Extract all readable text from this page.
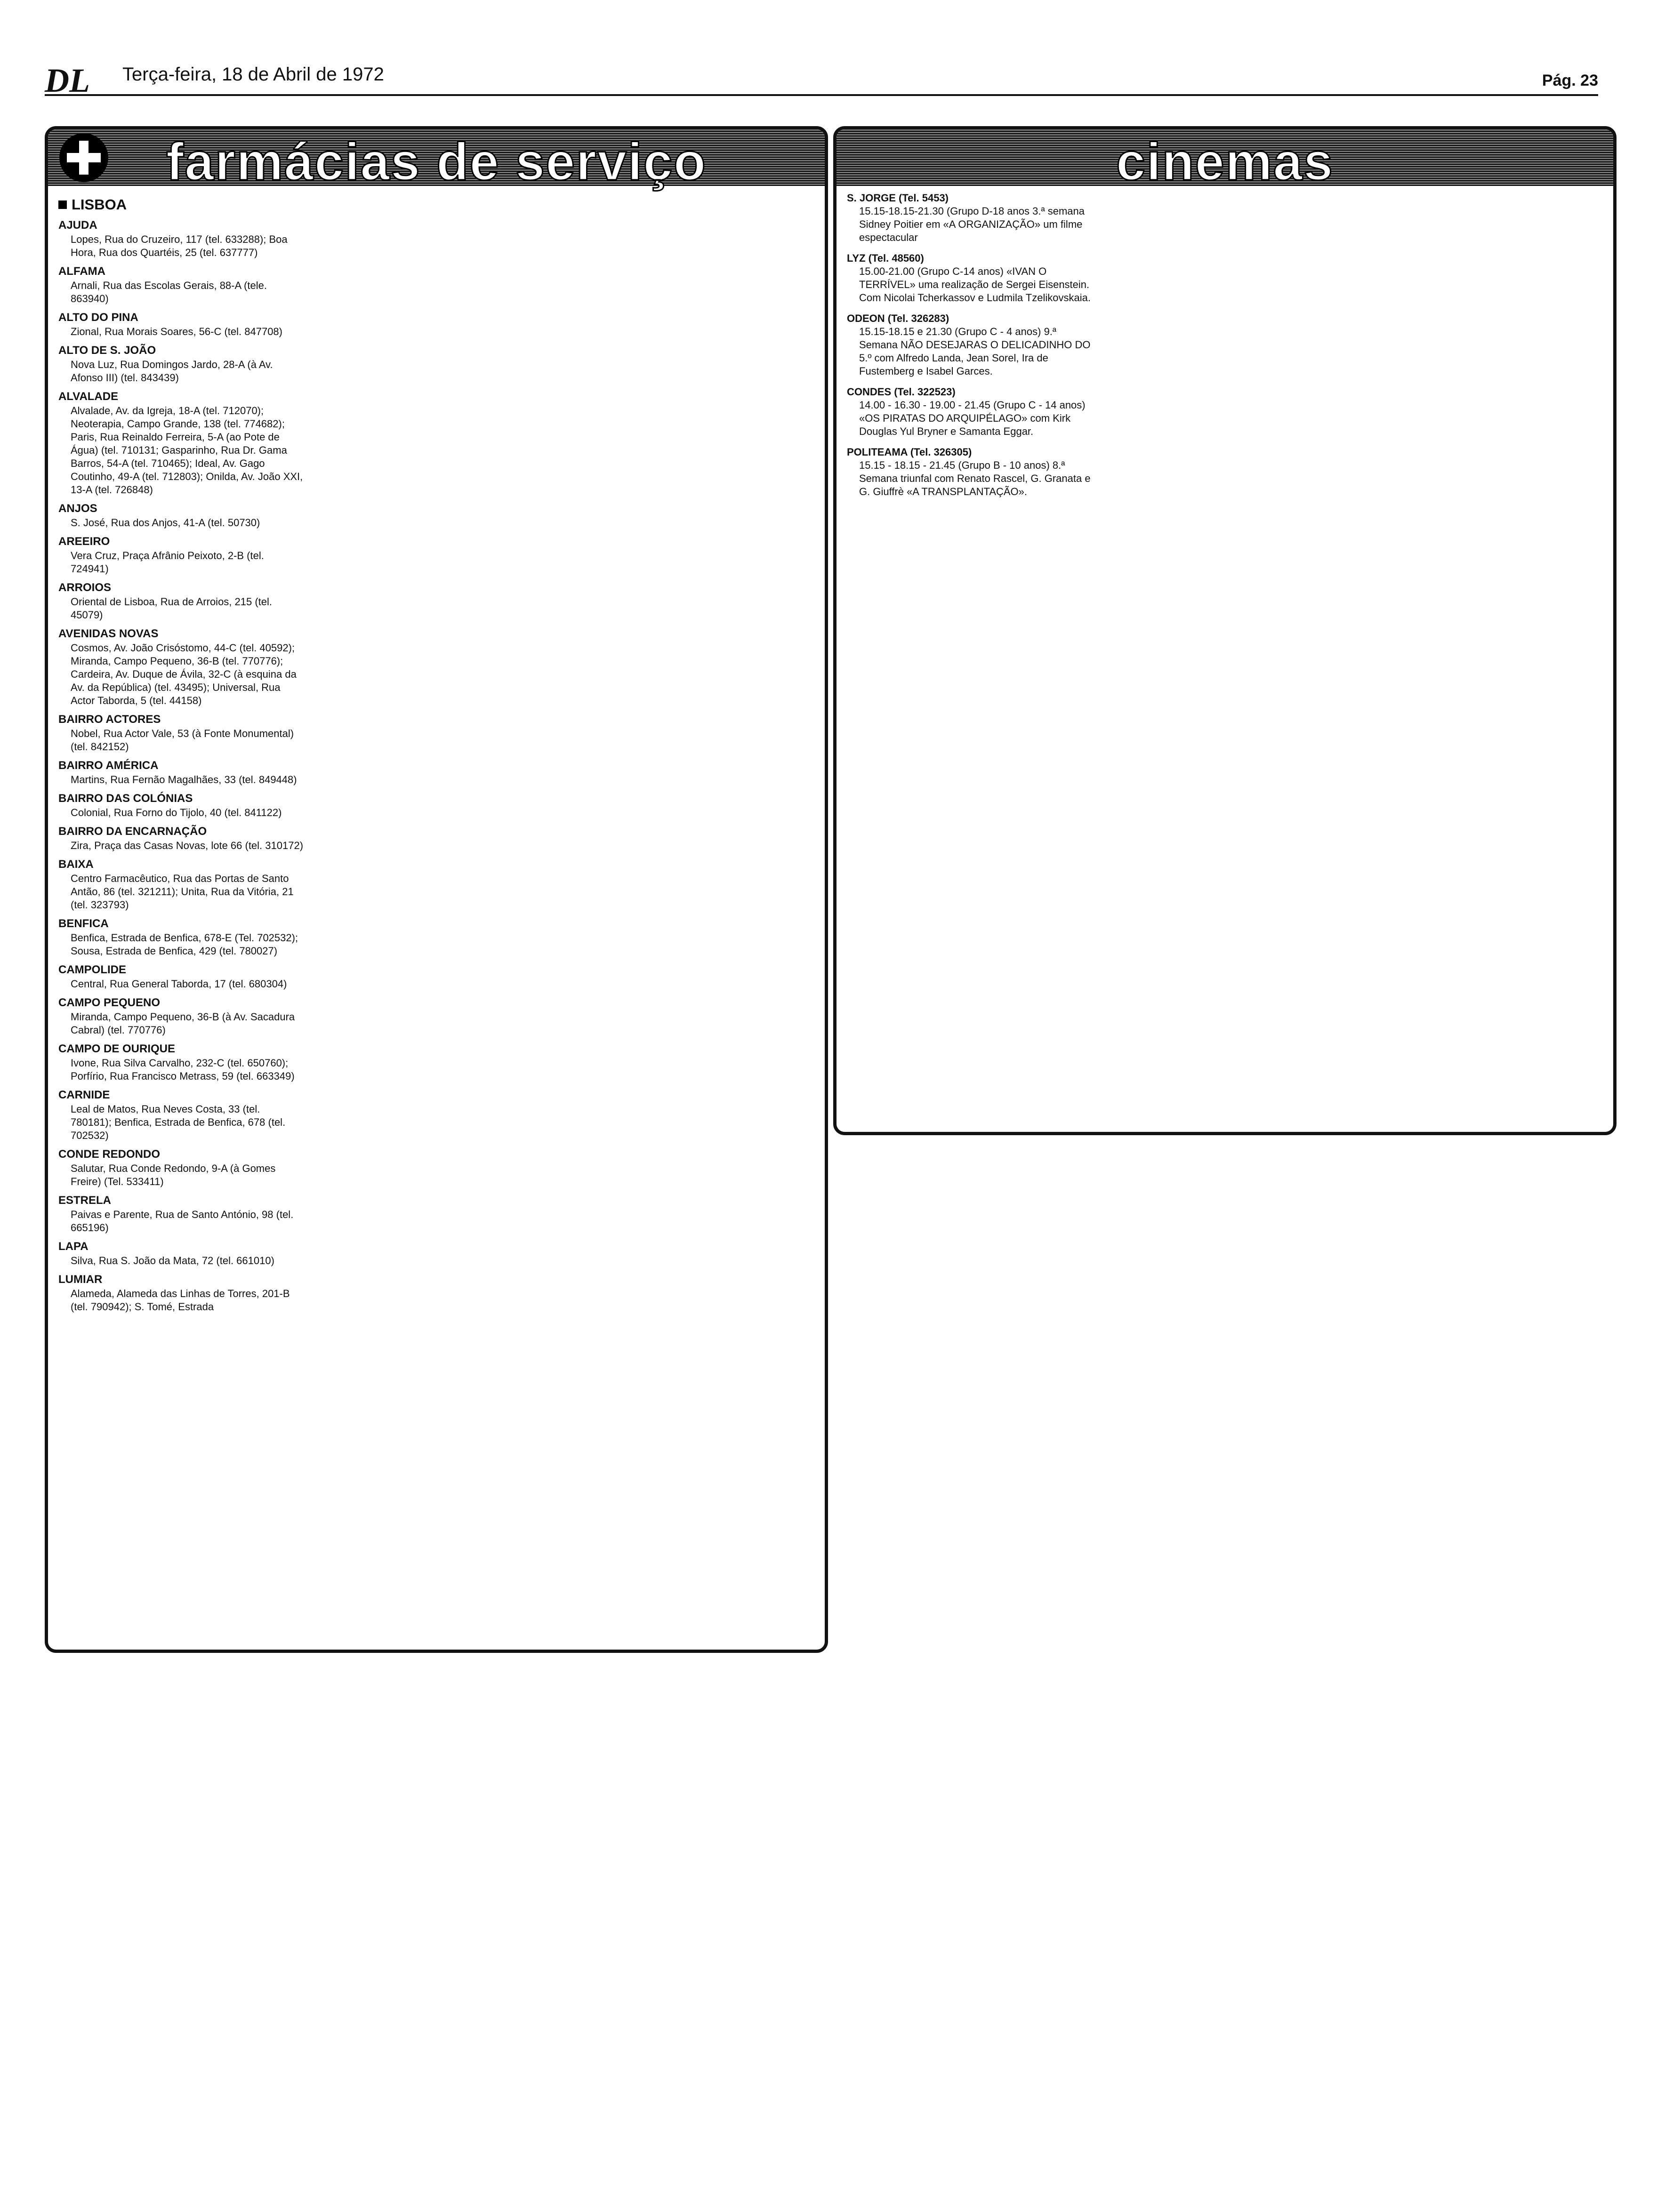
DL Terça-feira, 18 de Abril de 1972	Pág. 23
farmácias de serviço
LISBOA
AJUDA
Lopes, Rua do Cruzeiro, 117 (tel. 633288); Boa Hora, Rua dos Quartéis, 25 (tel. 637777)
ALFAMA
Arnali, Rua das Escolas Gerais, 88-A (tele. 863940)
ALTO DO PINA
Zional, Rua Morais Soares, 56-C (tel. 847708)
ALTO DE S. JOÃO
Nova Luz, Rua Domingos Jardo, 28-A (à Av. Afonso III) (tel. 843439)
ALVALADE
Alvalade, Av. da Igreja, 18-A (tel. 712070); Neoterapia, Campo Grande, 138 (tel. 774682); Paris, Rua Reinaldo Ferreira, 5-A (ao Pote de Água) (tel. 710131; Gasparinho, Rua Dr. Gama Barros, 54-A (tel. 710465); Ideal, Av. Gago Coutinho, 49-A (tel. 712803); Onilda, Av. João XXI, 13-A (tel. 726848)
ANJOS
S. José, Rua dos Anjos, 41-A (tel. 50730)
AREEIRO
Vera Cruz, Praça Afrânio Peixoto, 2-B (tel. 724941)
ARROIOS
Oriental de Lisboa, Rua de Arroios, 215 (tel. 45079)
AVENIDAS NOVAS
Cosmos, Av. João Crisóstomo, 44-C (tel. 40592); Miranda, Campo Pequeno, 36-B (tel. 770776); Cardeira, Av. Duque de Ávila, 32-C (à esquina da Av. da República) (tel. 43495); Universal, Rua Actor Taborda, 5 (tel. 44158)
BAIRRO ACTORES
Nobel, Rua Actor Vale, 53 (à Fonte Monumental) (tel. 842152)
BAIRRO AMÉRICA
Martins, Rua Fernão Magalhães, 33 (tel. 849448)
BAIRRO DAS COLÓNIAS
Colonial, Rua Forno do Tijolo, 40 (tel. 841122)
BAIRRO DA ENCARNAÇÃO
Zira, Praça das Casas Novas, lote 66 (tel. 310172)
BAIXA
Centro Farmacêutico, Rua das Portas de Santo Antão, 86 (tel. 321211); Unita, Rua da Vitória, 21 (tel. 323793)
BENFICA
Benfica, Estrada de Benfica, 678-E (Tel. 702532); Sousa, Estrada de Benfica, 429 (tel. 780027)
CAMPOLIDE
Central, Rua General Taborda, 17 (tel. 680304)
CAMPO PEQUENO
Miranda, Campo Pequeno, 36-B (à Av. Sacadura Cabral) (tel. 770776)
CAMPO DE OURIQUE
Ivone, Rua Silva Carvalho, 232-C (tel. 650760); Porfírio, Rua Francisco Metrass, 59 (tel. 663349)
CARNIDE
Leal de Matos, Rua Neves Costa, 33 (tel. 780181); Benfica, Estrada de Benfica, 678 (tel. 702532)
CONDE REDONDO
Salutar, Rua Conde Redondo, 9-A (à Gomes Freire) (Tel. 533411)
ESTRELA
Paivas e Parente, Rua de Santo António, 98 (tel. 665196)
LAPA
Silva, Rua S. João da Mata, 72 (tel. 661010)
LUMIAR
Alameda, Alameda das Linhas de Torres, 201-B (tel. 790942); S. Tomé, Estrada
cinemas
S. JORGE (Tel. 5453)
15.15-18.15-21.30 (Grupo D-18 anos 3.ª semana Sidney Poitier em «A ORGANIZAÇÃO» um filme espectacular
LYZ (Tel. 48560)
15.00-21.00 (Grupo C-14 anos) «IVAN O TERRÍVEL» uma realização de Sergei Eisenstein. Com Nicolai Tcherkassov e Ludmila Tzelikovskaia.
ODEON (Tel. 326283)
15.15-18.15 e 21.30 (Grupo C - 4 anos) 9.ª Semana NÃO DESEJARAS O DELICADINHO DO 5.º com Alfredo Landa, Jean Sorel, Ira de Fustemberg e Isabel Garces.
CONDES (Tel. 322523)
14.00 - 16.30 - 19.00 - 21.45 (Grupo C - 14 anos) «OS PIRATAS DO ARQUIPÉLAGO» com Kirk Douglas Yul Bryner e Samanta Eggar.
POLITEAMA (Tel. 326305)
15.15 - 18.15 - 21.45 (Grupo B - 10 anos) 8.ª Semana triunfal com Renato Rascel, G. Granata e G. Giuffrè «A TRANSPLANTAÇÃO».
